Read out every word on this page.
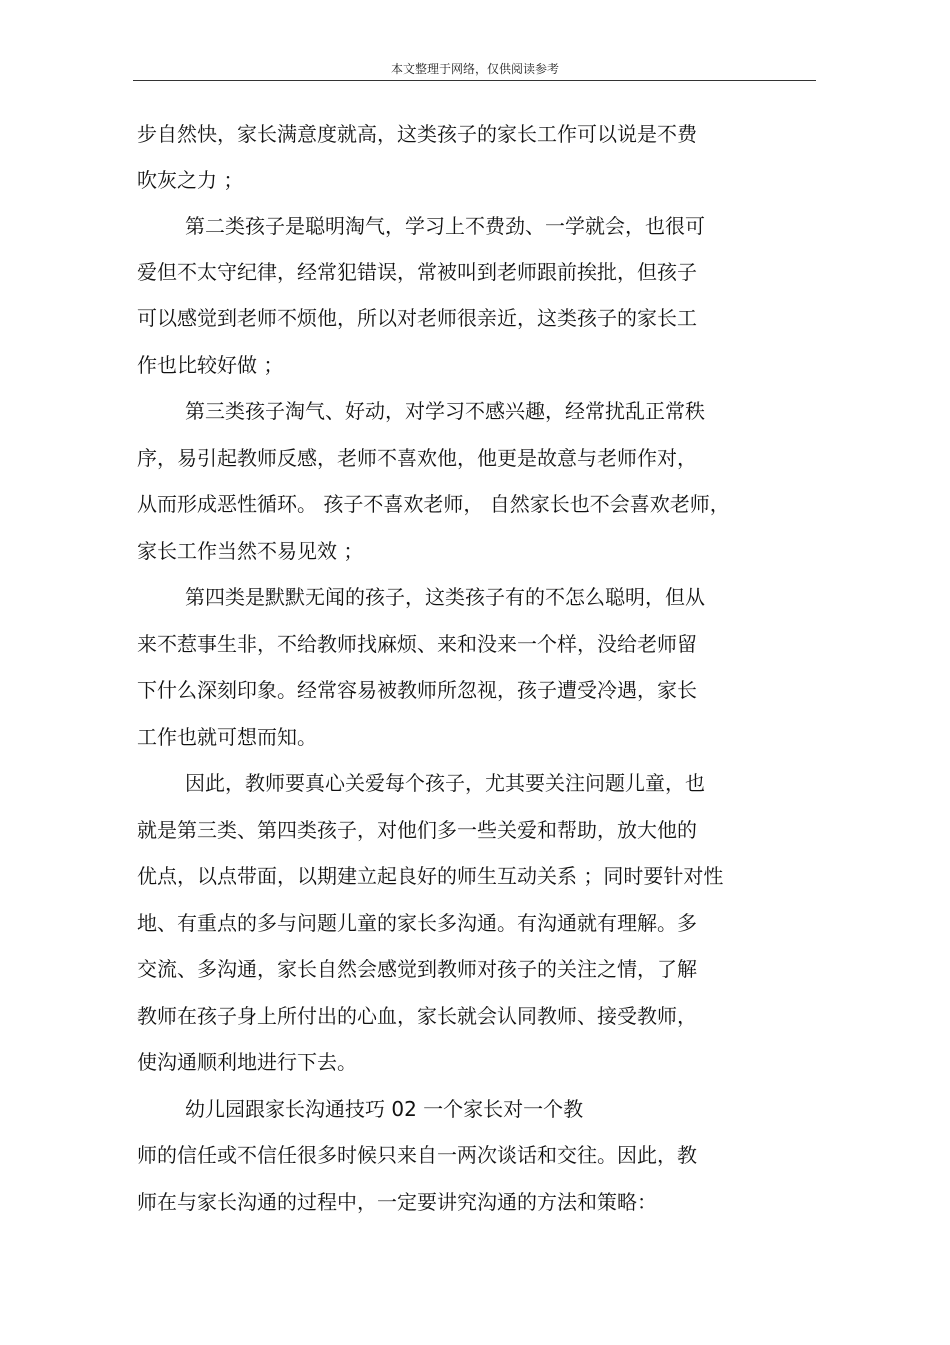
本文整理于网络，仅供阅读参考
步自然快，家长满意度就高，这类孩子的家长工作可以说是不费
吹灰之力 ；
第二类孩子是聪明淘气，学习上不费劲、一学就会，也很可
爱但不太守纪律，经常犯错误，常被叫到老师跟前挨批，但孩子
可以感觉到老师不烦他，所以对老师很亲近，这类孩子的家长工
作也比较好做 ；
第三类孩子淘气、好动，对学习不感兴趣，经常扰乱正常秩
序，易引起教师反感，老师不喜欢他，他更是故意与老师作对，
从而形成恶性循环。 孩子不喜欢老师， 自然家长也不会喜欢老师，
家长工作当然不易见效 ；
第四类是默默无闻的孩子，这类孩子有的不怎么聪明，但从
来不惹事生非，不给教师找麻烦、来和没来一个样，没给老师留
下什么深刻印象。经常容易被教师所忽视，孩子遭受冷遇，家长
工作也就可想而知。
因此，教师要真心关爱每个孩子，尤其要关注问题儿童，也
就是第三类、第四类孩子，对他们多一些关爱和帮助，放大他的
优点，以点带面，以期建立起良好的师生互动关系 ；同时要针对性
地、有重点的多与问题儿童的家长多沟通。有沟通就有理解。多
交流、多沟通，家长自然会感觉到教师对孩子的关注之情，了解
教师在孩子身上所付出的心血，家长就会认同教师、接受教师，
使沟通顺利地进行下去。
幼儿园跟家长沟通技巧 02 一个家长对一个教
师的信任或不信任很多时候只来自一两次谈话和交往。因此，教
师在与家长沟通的过程中，一定要讲究沟通的方法和策略：
